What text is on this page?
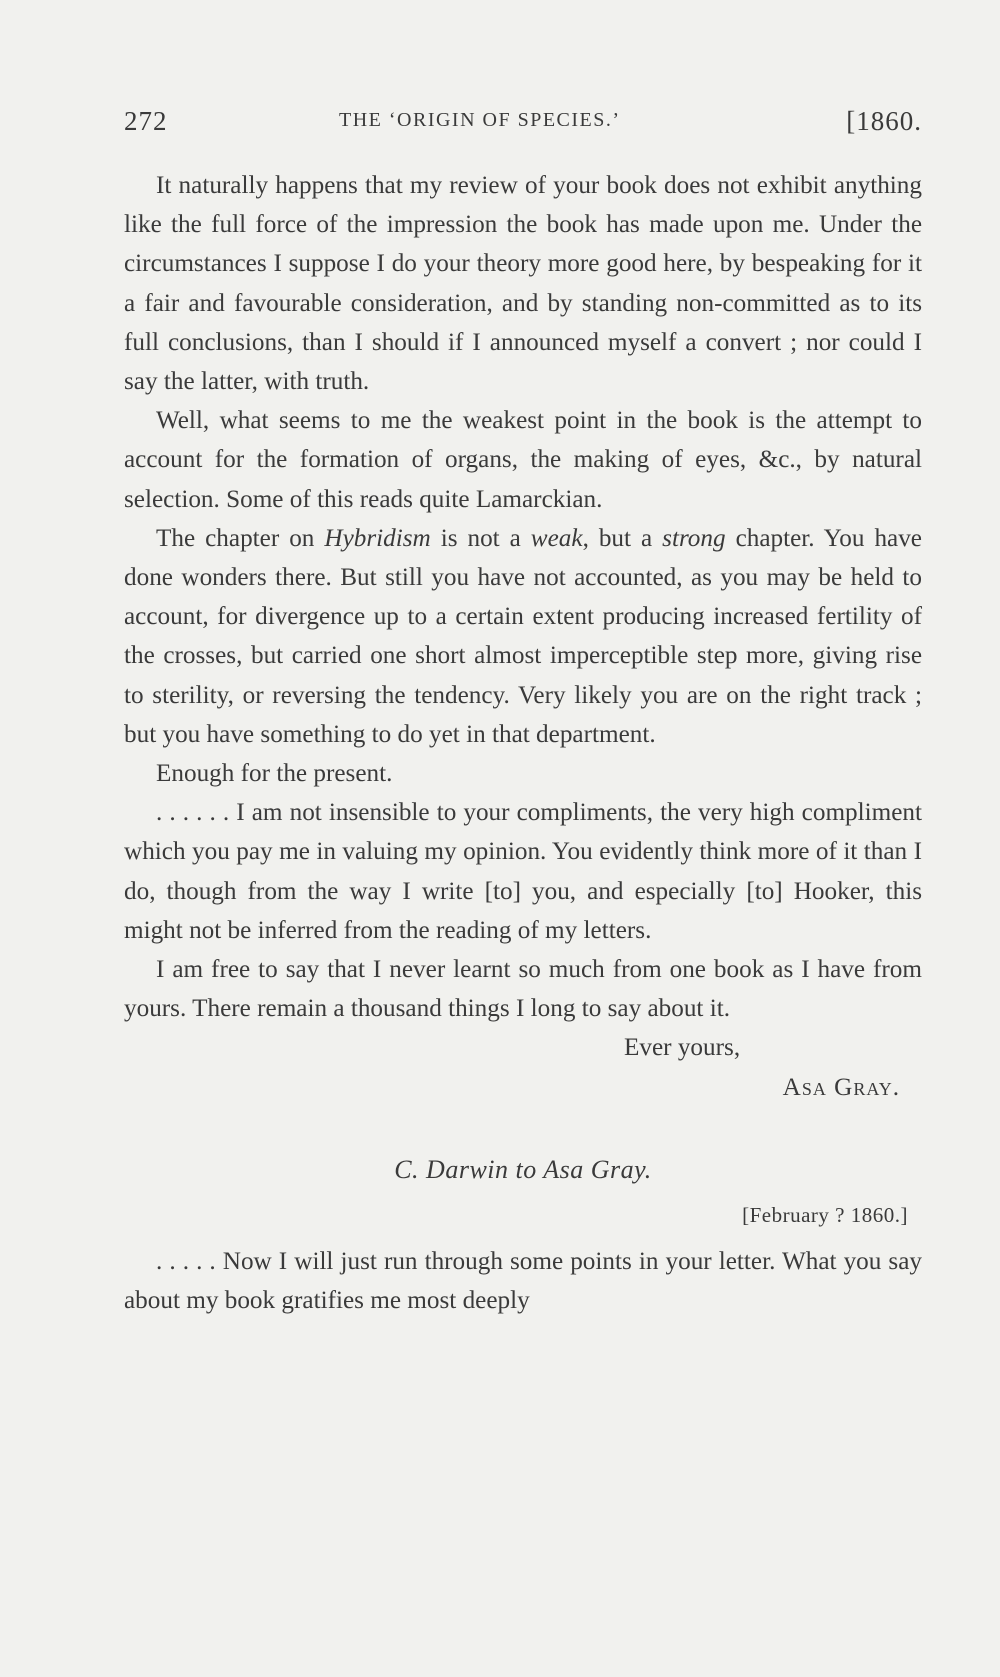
272	THE ‘ORIGIN OF SPECIES.’	[1860.

It naturally happens that my review of your book does not exhibit anything like the full force of the impression the book has made upon me. Under the circumstances I suppose I do your theory more good here, by bespeaking for it a fair and favourable consideration, and by standing non-committed as to its full conclusions, than I should if I announced myself a convert ; nor could I say the latter, with truth.

Well, what seems to me the weakest point in the book is the attempt to account for the formation of organs, the making of eyes, &c., by natural selection. Some of this reads quite Lamarckian.

The chapter on Hybridism is not a weak, but a strong chapter. You have done wonders there. But still you have not accounted, as you may be held to account, for divergence up to a certain extent producing increased fertility of the crosses, but carried one short almost imperceptible step more, giving rise to sterility, or reversing the tendency. Very likely you are on the right track ; but you have something to do yet in that department.

Enough for the present.

. . . . . . I am not insensible to your compliments, the very high compliment which you pay me in valuing my opinion. You evidently think more of it than I do, though from the way I write [to] you, and especially [to] Hooker, this might not be inferred from the reading of my letters.

I am free to say that I never learnt so much from one book as I have from yours. There remain a thousand things I long to say about it.

Ever yours,
Asa Gray.
C. Darwin to Asa Gray.
[February ? 1860.]

. . . . . Now I will just run through some points in your letter. What you say about my book gratifies me most deeply
